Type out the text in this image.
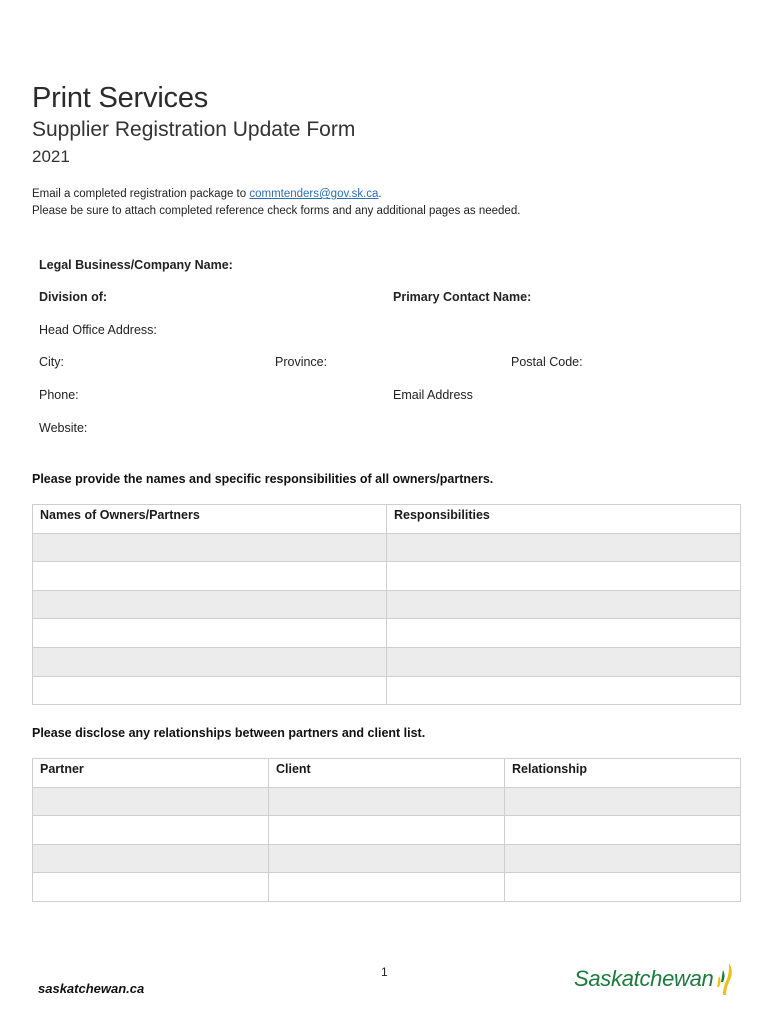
Print Services
Supplier Registration Update Form
2021
Email a completed registration package to commtenders@gov.sk.ca.
Please be sure to attach completed reference check forms and any additional pages as needed.
Legal Business/Company Name:
Division of:	Primary Contact Name:
Head Office Address:
City:	Province:	Postal Code:
Phone:	Email Address
Website:
Please provide the names and specific responsibilities of all owners/partners.
Names of Owners/Partners	Responsibilities

Please disclose any relationships between partners and client list.
Partner	Client	Relationship

1
saskatchewan.ca	Saskatchewan
